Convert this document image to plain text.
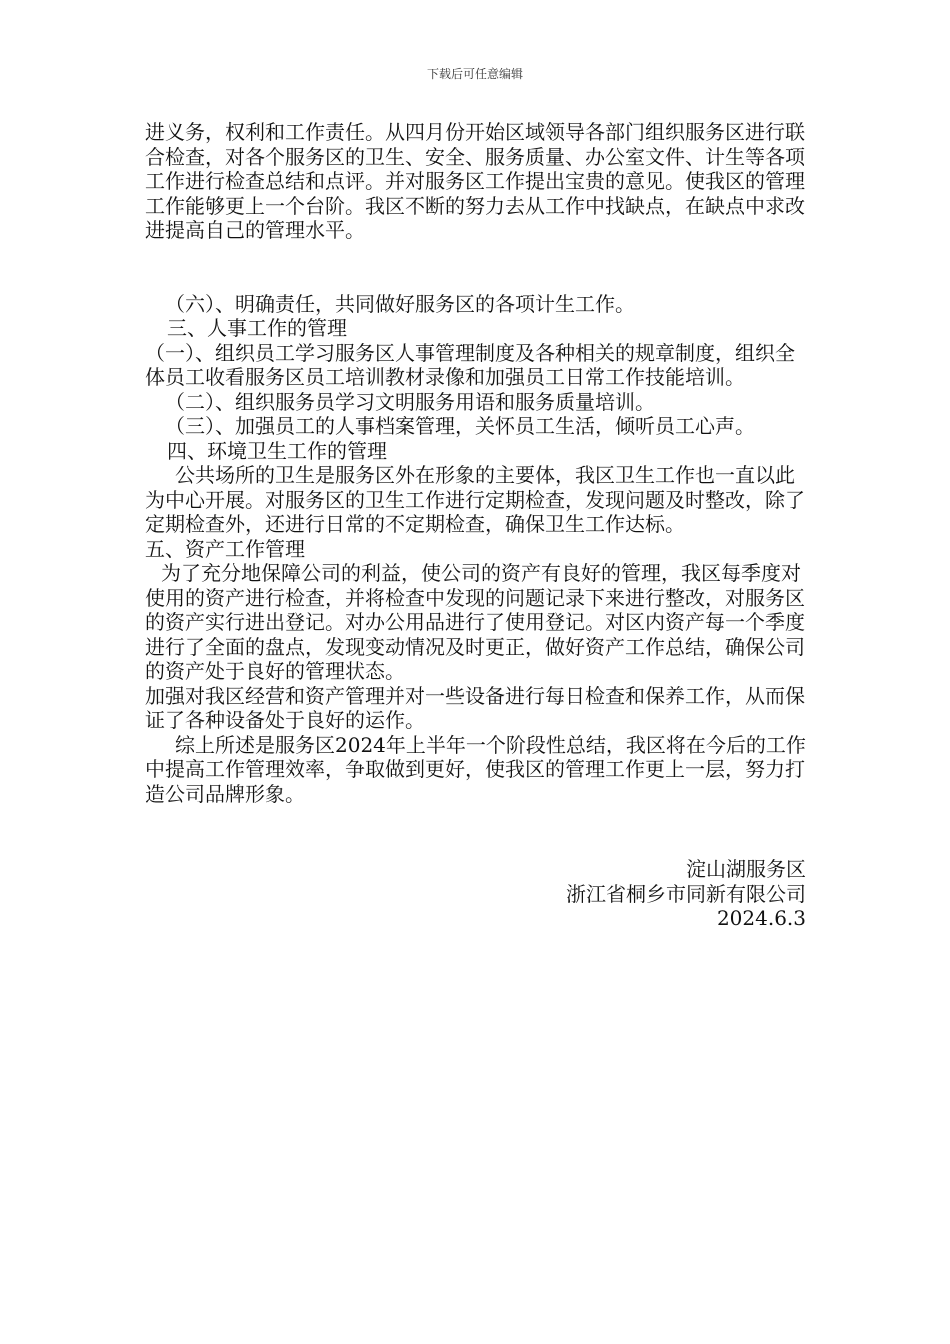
下载后可任意编辑

进义务，权利和工作责任。从四月份开始区域领导各部门组织服务区进行联合检查，对各个服务区的卫生、安全、服务质量、办公室文件、计生等各项工作进行检查总结和点评。并对服务区工作提出宝贵的意见。使我区的管理工作能够更上一个台阶。我区不断的努力去从工作中找缺点，在缺点中求改进提高自己的管理水平。

（六）、明确责任，共同做好服务区的各项计生工作。

三、人事工作的管理

（一）、组织员工学习服务区人事管理制度及各种相关的规章制度，组织全体员工收看服务区员工培训教材录像和加强员工日常工作技能培训。

（二）、组织服务员学习文明服务用语和服务质量培训。

（三）、加强员工的人事档案管理，关怀员工生活，倾听员工心声。

四、环境卫生工作的管理

公共场所的卫生是服务区外在形象的主要体，我区卫生工作也一直以此为中心开展。对服务区的卫生工作进行定期检查，发现问题及时整改，除了定期检查外，还进行日常的不定期检查，确保卫生工作达标。

五、资产工作管理

为了充分地保障公司的利益，使公司的资产有良好的管理，我区每季度对使用的资产进行检查，并将检查中发现的问题记录下来进行整改，对服务区的资产实行进出登记。对办公用品进行了使用登记。对区内资产每一个季度进行了全面的盘点，发现变动情况及时更正，做好资产工作总结，确保公司的资产处于良好的管理状态。

加强对我区经营和资产管理并对一些设备进行每日检查和保养工作，从而保证了各种设备处于良好的运作。

综上所述是服务区2024年上半年一个阶段性总结，我区将在今后的工作中提高工作管理效率，争取做到更好，使我区的管理工作更上一层，努力打造公司品牌形象。

淀山湖服务区
浙江省桐乡市同新有限公司
2024.6.3
